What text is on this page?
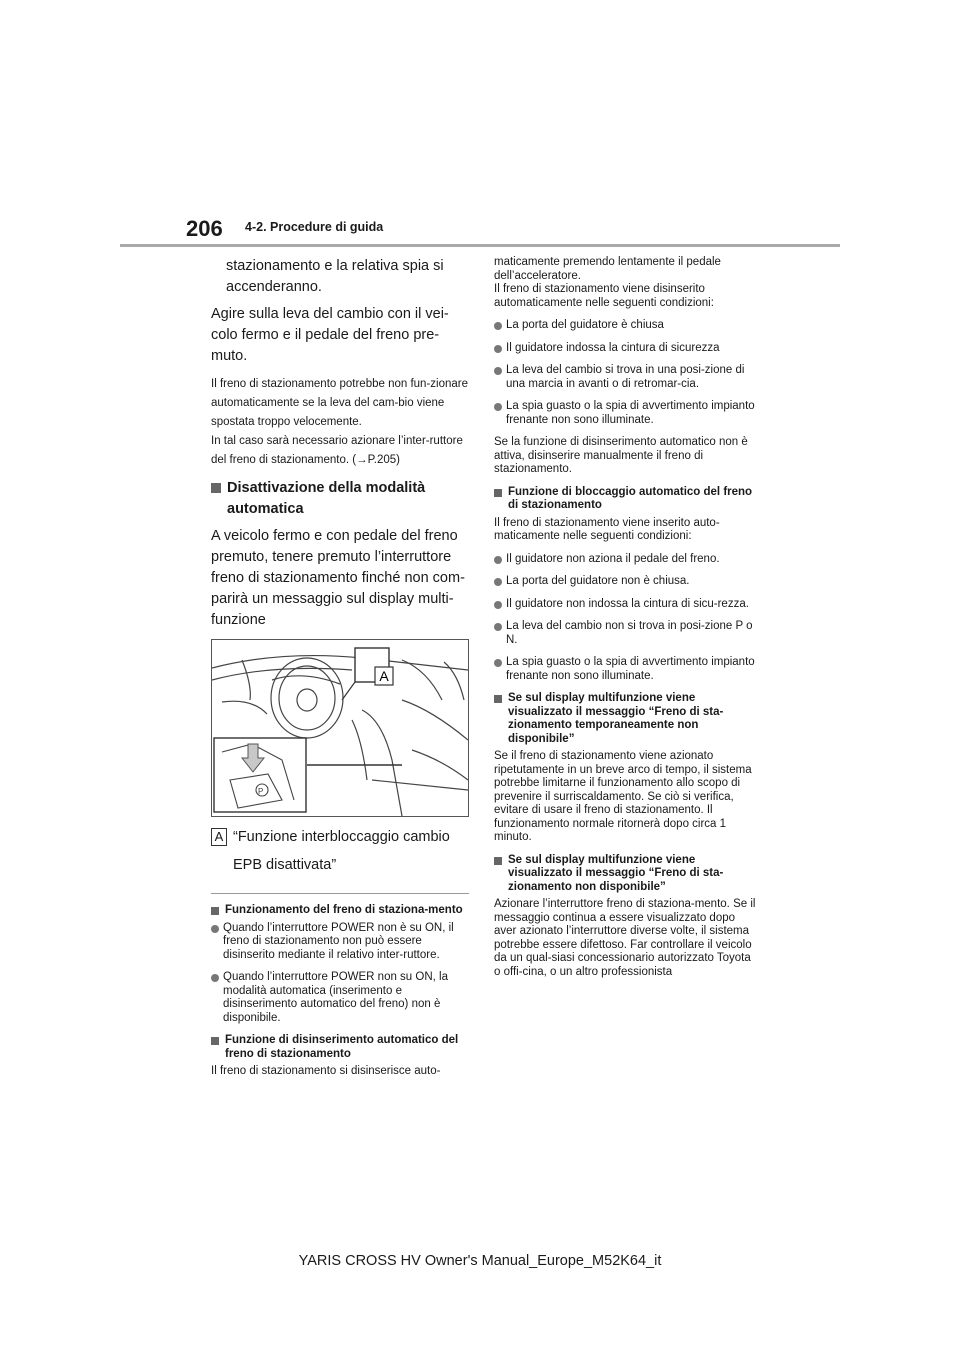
206 4-2. Procedure di guida

stazionamento e la relativa spia si accenderanno.

Agire sulla leva del cambio con il vei-colo fermo e il pedale del freno pre-muto.

Il freno di stazionamento potrebbe non fun-zionare automaticamente se la leva del cam-bio viene spostata troppo velocemente.

In tal caso sarà necessario azionare l’inter-ruttore del freno di stazionamento. (→P.205)

Disattivazione della modalità automatica

A veicolo fermo e con pedale del freno premuto, tenere premuto l’interruttore freno di stazionamento finché non com-parirà un messaggio sul display multi-funzione

A
P
A “Funzione interbloccaggio cambio EPB disattivata”
Funzionamento del freno di staziona-mento
Quando l’interruttore POWER non è su ON, il freno di stazionamento non può essere disinserito mediante il relativo inter-ruttore.
Quando l’interruttore POWER non su ON, la modalità automatica (inserimento e disinserimento automatico del freno) non è disponibile.
Funzione di disinserimento automatico del freno di stazionamento

Il freno di stazionamento si disinserisce auto-

maticamente premendo lentamente il pedale dell’acceleratore.

Il freno di stazionamento viene disinserito automaticamente nelle seguenti condizioni:

La porta del guidatore è chiusa
Il guidatore indossa la cintura di sicurezza
La leva del cambio si trova in una posi-zione di una marcia in avanti o di retromar-cia.
La spia guasto o la spia di avvertimento impianto frenante non sono illuminate.

Se la funzione di disinserimento automatico non è attiva, disinserire manualmente il freno di stazionamento.

Funzione di bloccaggio automatico del freno di stazionamento

Il freno di stazionamento viene inserito auto-maticamente nelle seguenti condizioni:

Il guidatore non aziona il pedale del freno.
La porta del guidatore non è chiusa.
Il guidatore non indossa la cintura di sicu-rezza.
La leva del cambio non si trova in posi-zione P o N.
La spia guasto o la spia di avvertimento impianto frenante non sono illuminate.
Se sul display multifunzione viene visualizzato il messaggio “Freno di sta-zionamento temporaneamente non disponibile”

Se il freno di stazionamento viene azionato ripetutamente in un breve arco di tempo, il sistema potrebbe limitarne il funzionamento allo scopo di prevenire il surriscaldamento. Se ciò si verifica, evitare di usare il freno di stazionamento. Il funzionamento normale ritornerà dopo circa 1 minuto.

Se sul display multifunzione viene visualizzato il messaggio “Freno di sta-zionamento non disponibile”

Azionare l’interruttore freno di staziona-mento. Se il messaggio continua a essere visualizzato dopo aver azionato l’interruttore diverse volte, il sistema potrebbe essere difettoso. Far controllare il veicolo da un qual-siasi concessionario autorizzato Toyota o offi-cina, o un altro professionista

YARIS CROSS HV Owner's Manual_Europe_M52K64_it
